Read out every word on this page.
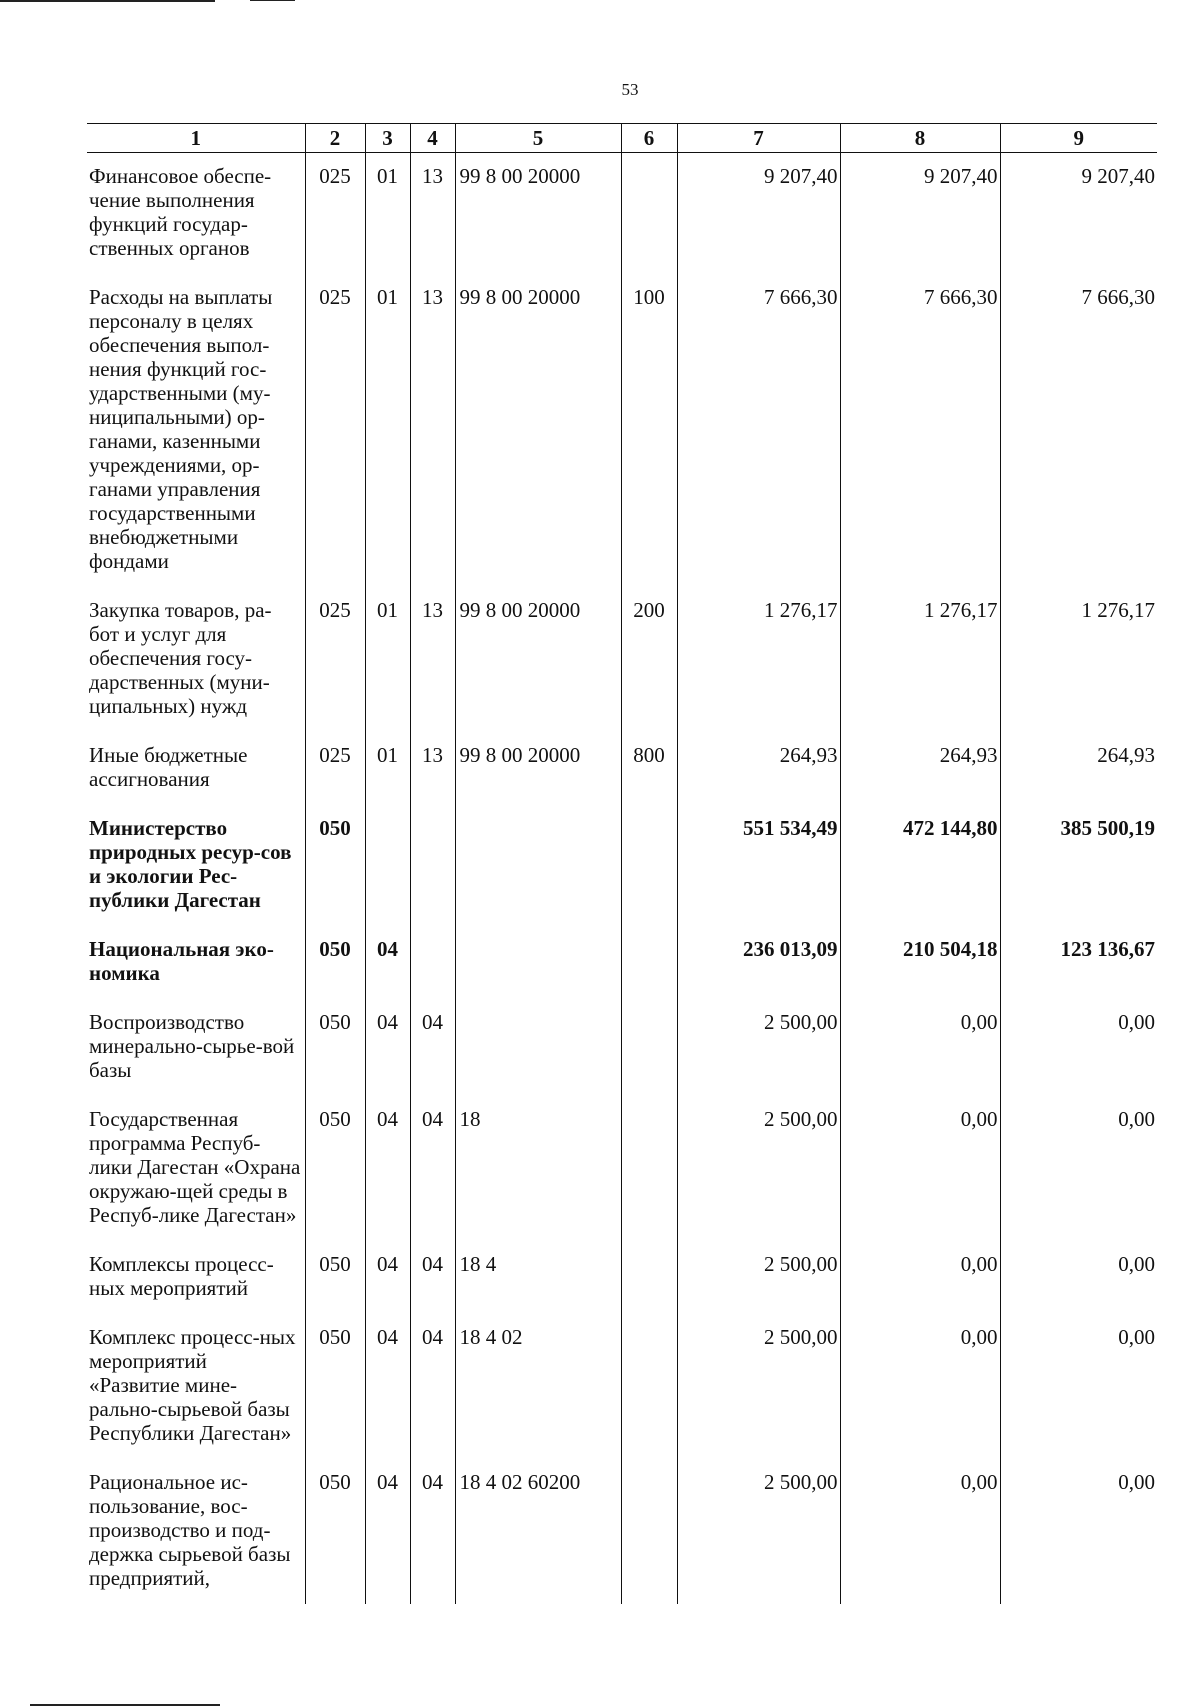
53
1	2	3	4	5	6	7	8	9
Финансовое обеспе-чение выполнения функций государ-ственных органов	025	01	13	99 8 00 20000		9 207,40	9 207,40	9 207,40
Расходы на выплаты персоналу в целях обеспечения выпол-нения функций гос-ударственными (му-ниципальными) ор-ганами, казенными учреждениями, ор-ганами управления государственными внебюджетными фондами	025	01	13	99 8 00 20000	100	7 666,30	7 666,30	7 666,30
Закупка товаров, ра-бот и услуг для обеспечения госу-дарственных (муни-ципальных) нужд	025	01	13	99 8 00 20000	200	1 276,17	1 276,17	1 276,17
Иные бюджетные ассигнования	025	01	13	99 8 00 20000	800	264,93	264,93	264,93
Министерство природных ресур-сов и экологии Рес-публики Дагестан	050					551 534,49	472 144,80	385 500,19
Национальная эко-номика	050	04				236 013,09	210 504,18	123 136,67
Воспроизводство минерально-сырье-вой базы	050	04	04			2 500,00	0,00	0,00
Государственная программа Респуб-лики Дагестан «Охрана окружаю-щей среды в Респуб-лике Дагестан»	050	04	04	18		2 500,00	0,00	0,00
Комплексы процесс-ных мероприятий	050	04	04	18 4		2 500,00	0,00	0,00
Комплекс процесс-ных мероприятий «Развитие мине-рально-сырьевой базы Республики Дагестан»	050	04	04	18 4 02		2 500,00	0,00	0,00
Рациональное ис-пользование, вос-производство и под-держка сырьевой базы предприятий,	050	04	04	18 4 02 60200		2 500,00	0,00	0,00
